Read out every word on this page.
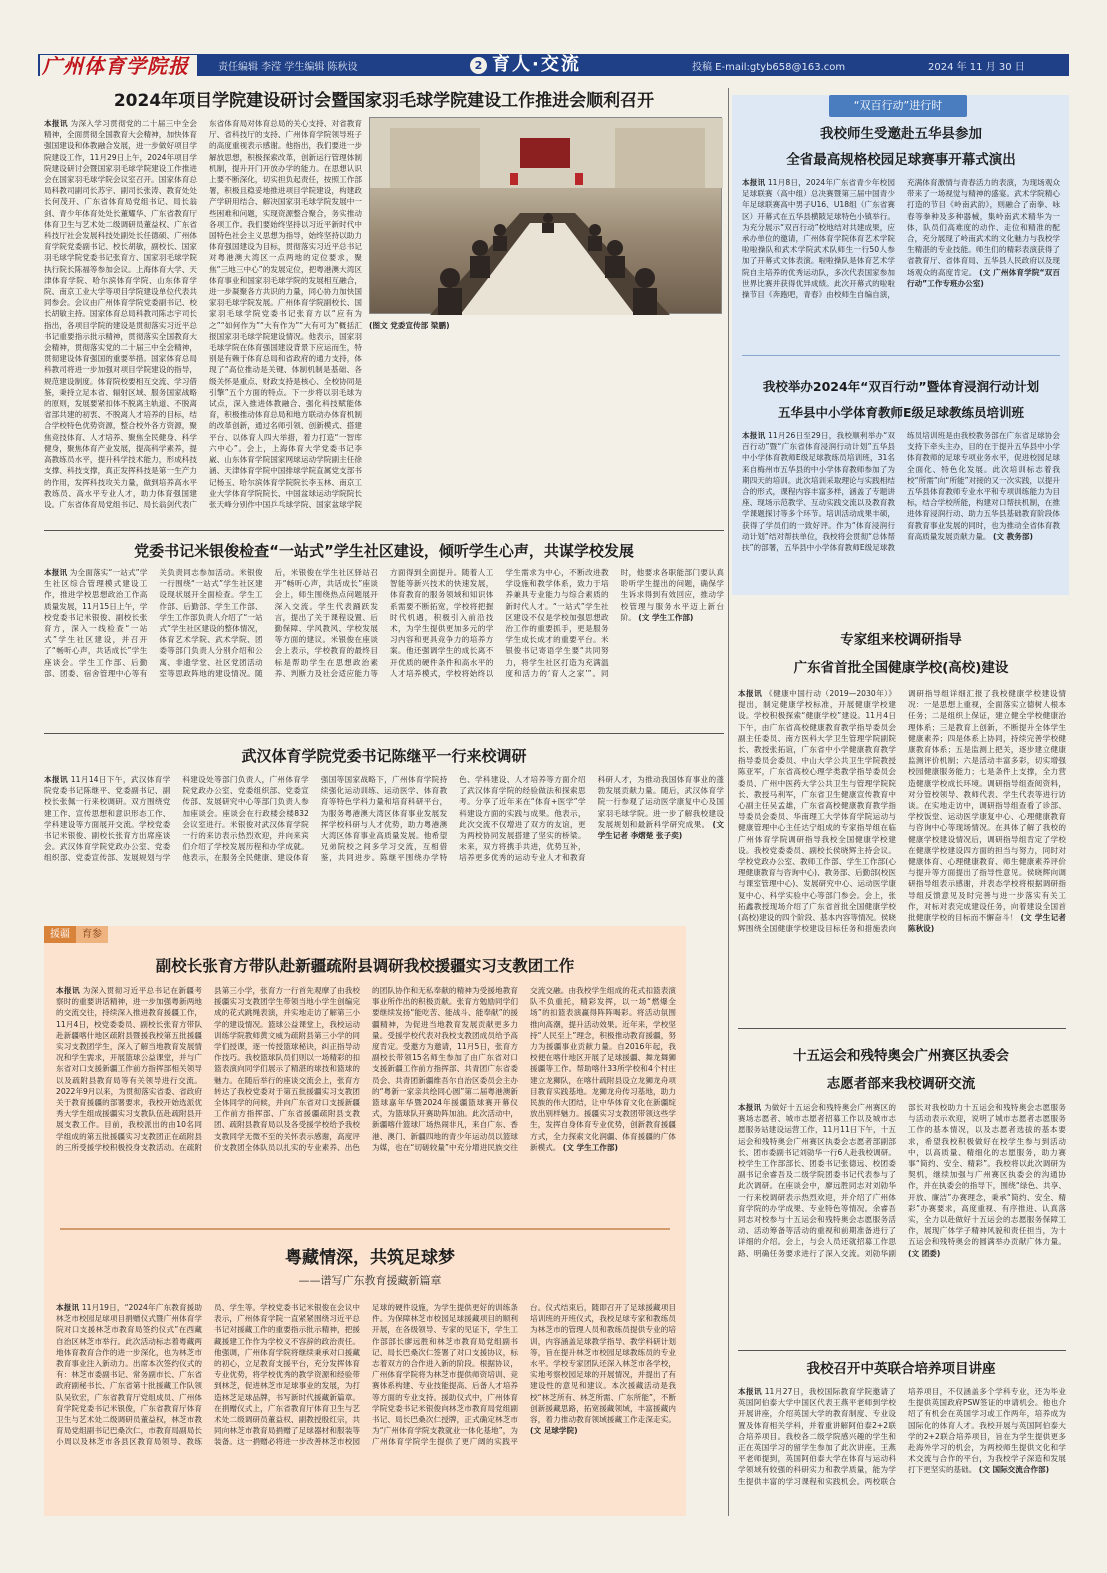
广州体育学院报	责任编辑 李滢 学生编辑 陈秋设	2 育人·交流	投稿 E-mail:gtyb658@163.com	2024 年 11 月 30 日
2024年项目学院建设研讨会暨国家羽毛球学院建设工作推进会顺利召开
本报讯 为深入学习贯彻党的二十届三中全会精神，全面贯彻全国教育大会精神，加快体育强国建设和体教融合发展，进一步做好项目学院建设工作，11月29日上午，2024年项目学院建设研讨会暨国家羽毛球学院建设工作推进会在国家羽毛球学院会议室召开。国家体育总局科教司副司长苏宇、副司长张涛、教育处处长何茂开、广东省体育局党组书记、局长翁剑、青少年体育处处长董耀华、广东省教育厅体育卫生与艺术处二级调研员董益权、广东省科技厅社会发展科技处副处长任德硕、广州体育学院党委副书记、校长胡敏，副校长、国家羽毛球学院党委书记张育方、国家羽毛球学院执行院长陈福等参加会议。上海体育大学、天津体育学院、哈尔滨体育学院、山东体育学院、南京工业大学等项目学院建设单位代表共同参会。会议由广州体育学院党委副书记、校长胡敏主持。国家体育总局科教司陈志宇司长指出，各项目学院的建设是贯彻落实习近平总书记重要指示批示精神，贯彻落实全国教育大会精神，贯彻落实党的二十届三中全会精神，贯彻建设体育强国的重要举措。国家体育总局科教司将进一步加强对项目学院建设的指导，规范建设制度。体育院校要相互交流、学习借鉴，秉持立足本省、辐射区域、服务国家战略的原则，发展要紧扣体不脱离主轨道、不脱离省部共建的初衷、不脱离人才培养的目标，结合学校特色优势资源，整合校外各方资源，聚焦竞技体育、人才培养、聚焦全民健身、科学健身，聚焦体育产业发展，提高科学素养，提高教练员水平，提升科学技术能力，形成科技支撑、科技支撑，真正发挥科技是第一生产力的作用，发挥科技攻关力量，做到培养高水平教练员、高水平专业人才，助力体育强国建设。广东省体育局党组书记、局长翁剑代表广东省体育局对体育总局的关心支持、对省教育厅、省科技厅的支持、广州体育学院领导班子的高度重视表示感谢。他指出，我们要进一步解放思想，积极探索改革，创新运行管理体制机制，提升开门开放办学的能力。在思想认识上要不断深化，切实担负起责任，按照工作部署，积极且稳妥地推进项目学院建设，构建政产学研用结合、解决国家羽毛球学院发展中一些困难和问题，实现资源整合聚合，务实推动各项工作。我们要始终坚持以习近平新时代中国特色社会主义思想为指导，始终坚持以助力体育强国建设为目标，贯彻落实习近平总书记对粤港澳大湾区一点两地的定位要求，聚焦“三地三中心”的发展定位，把粤港澳大湾区体育事业和国家羽毛球学院的发展相互融合，进一步凝聚各方共识的力量，同心协力加快国家羽毛球学院发展。广州体育学院副校长、国家羽毛球学院党委书记张育方以“应有为之”“如何作为”“大有作为”“大有可为”概括汇报国家羽毛球学院建设情况。他表示，国家羽毛球学院在体育强国建设背景下应运而生，特别是有赖于体育总局和省政府的通力支持，体现了“高位推动是关键、体制机制是基础、各级关怀是重点、财政支持是核心、全校协同是引擎”五个方面的特点。下一步将以羽毛球为试点，深入推进体教融合、强化科技赋能体育，积极推动体育总局和地方联动办体育机制的改革创新，通过名师引领、创新模式、搭建平台、以体育人四大举措，着力打造“一智库六中心”。会上，上海体育大学党委书记李崴、山东体育学院国家网球运动学院副主任徐涵、天津体育学院中国排球学院直属党支部书记杨玉、哈尔滨体育学院院长李玉林、南京工业大学体育学院院长、中国盆球运动学院院长张天峰分别作中国乒乓球学院、国家盆球学院
(图文 党委宣传部 梁鹏)
党委书记米银俊检查“一站式”学生社区建设，倾听学生心声，共谋学校发展
本报讯 为全面落实“一站式”学生社区综合管理模式建设工作，推进学校思想政治工作高质量发展，11月15日上午，学校党委书记米银俊、副校长张育方，深入一线检查“一站式”学生社区建设，并召开了“畅听心声，共话成长”学生座谈会。学生工作部、后勤部、团委、宿舍管理中心等有关负责同志参加活动。米银俊一行围绕“一站式”学生社区建设现状展开全面检查。学生工作部、后勤部、学生工作部、学生工作部负责人介绍了“一站式”学生社区建设的整体情况，体育艺术学院、武术学院、团委等部门负责人分别介绍和公寓、非遗学堂、社区党团活动室等思政阵地的建设情况。随后，米银俊在学生社区驿站召开“畅听心声，共话成长”座谈会上，师生围绕热点问题展开深入交流。学生代表踊跃发言，提出了关于课程设置、后勤保障、学风教风、学校发展等方面的建议。米银俊在座谈会上表示，学校教育的最终目标是帮助学生在思想政治素养、判断力及社会适应能力等方面得到全面提升。随着人工智能等新兴技术的快速发展，体育教育的服务领域和知识体系需要不断拓宽，学校将把握时代机遇，积极引入前沿技术，为学生提供更加多元的学习内容和更具竞争力的培养方案。他还强调学生的成长离不开优质的硬件条件和高水平的人才培养模式，学校将始终以学生需求为中心，不断改进教学设施和教学体系，致力于培养兼具专业能力与综合素质的新时代人才。“一站式”学生社区建设不仅是学校加强思想政治工作的重要抓手，更是服务学生成长成才的重要平台。米银俊书记寄语学生要“共同努力，将学生社区打造为充满温度和活力的‘育人之家’”。同时，他要求各职能部门要认真聆听学生提出的问题，确保学生诉求得到有效回应，推动学校管理与服务水平迈上新台阶。 (文 学生工作部)
武汉体育学院党委书记陈继平一行来校调研
本报讯 11月14日下午，武汉体育学院党委书记陈继平、党委副书记、副校长张佩一行来校调研。双方围绕党建工作、宣传思想和意识形态工作、学科建设等方面展开交流。学校党委书记米银俊、副校长张育方出席座谈会。武汉体育学院党政办公室、党委组织部、党委宣传部、发展规划与学科建设处等部门负责人，广州体育学院党政办公室、党委组织部、党委宣传部、发展研究中心等部门负责人参加座谈会。座谈会在行政楼会楼832会议室进行。米银俊对武汉体育学院一行的来访表示热烈欢迎，并向来宾们介绍了学校发展历程和办学成就。他表示，在服务全民健康、建设体育强国等国家战略下，广州体育学院持续强化运动训练、运动医学、体育教育等特色学科力量和培育科研平台，为服务粤港澳大湾区体育事业发展发挥学校科研与人才优势，助力粤港澳大湾区体育事业高质量发展。他希望兄弟院校之间多学习交流，互相借鉴，共同进步。陈继平围绕办学特色、学科建设、人才培养等方面介绍了武汉体育学院的经验做法和探索思考。分享了近年来在“体育+医学”学科建设方面的实践与成果。他表示，此次交流不仅增进了双方的友谊，更为两校协同发展搭建了坚实的桥梁。未来，双方将携手共进，优势互补，培养更多优秀的运动专业人才和教育科研人才，为推动我国体育事业的蓬勃发展贡献力量。随后，武汉体育学院一行参观了运动医学康复中心及国家羽毛球学院。进一步了解我校建设发展规划和最新科学研究成果。 (文 学生记者 李熠楚 张子奕)
援疆	育参
副校长张育方带队赴新疆疏附县调研我校援疆实习支教团工作
本报讯 为深入贯彻习近平总书记在新疆考察时的重要讲话精神，进一步加强粤新两地的交流交往，持续深入推进教育援疆工作，11月4日，校党委委员、副校长张育方带队赴新疆喀什地区疏附县暨援我校第五批援疆实习支教团学生，深入了解当地教育发展情况和学生需求，开展篮球公益课堂，并与广东省对口支援新疆工作前方指挥部相关领导以及疏附县教育局等有关领导进行交流。2022年9月以来，为贯彻落实省委、省政府关于教育援疆的部署要求，我校开始选派优秀大学生组成援疆实习支教队伍赴疏附县开展支教工作。目前，我校派出的由10名同学组成的第五批援疆实习支教团正在疏附县的三所受援学校积极投身支教活动。在疏附县第三小学，张育方一行首先观摩了由我校援疆实习支教团学生带领当地小学生创编完成的花式跳绳表演，并实地走访了解第三小学的建设情况。篮球公益课堂上，我校运动训练学院教师黄文威为疏附县第三小学的同学们授课，逐一传授篮球秘诀，纠正指导动作技巧。我校篮球队员们则以一场精彩的扣篮表演向同学们展示了精湛的球技和篮球的魅力。在随后举行的座谈交流会上，张育方转达了我校党委对于第五批援疆实习支教团全体同学的问候，并向广东省对口支援新疆工作前方指挥部、广东省援疆疏附县支教团、疏附县教育局以及各受援学校给予我校支教同学无微不至的关怀表示感谢，高度评价支教团全体队员以扎实的专业素养、出色的团队协作和无私奉献的精神为受援地教育事业所作出的积极贡献。张育方勉励同学们要继续发扬“能吃苦、能战斗、能奉献”的援疆精神，为促进当地教育发展贡献更多力量。受援学校代表对我校支教团成员给予高度肯定。受邀方为邀请，11月5日，张育方副校长带领15名师生参加了由广东省对口支援新疆工作前方指挥部、共青团广东省委员会、共青团新疆维吾尔自治区委员会主办的“粤新一家亲共绘同心圆”第二届粤港澳新篮球嘉年华暨2024年援疆篮球赛开幕仪式，为篮球队开赛助阵加油。此次活动中，新疆喀什篮球厂场热闹非凡，来自广东、香港、澳门、新疆四地的青少年运动员以篮球为媒，也在“切磋较量”中充分增进民族交往交流交融。由我校学生组成的花式扣篮表演队不负重托，精彩发挥，以一场“燃爆全场”的扣篮表演赢得阵阵喝彩。将活动氛围推向高潮，提升活动效果。近年来，学校坚持“人民至上”理念，积极推动教育援疆，努力为援疆事业贡献力量。自2016年起，我校便在喀什地区开展了足球援疆、舞龙舞狮援疆等工作。帮助喀什33所学校和4个村庄建立龙狮队，在喀什疏附县设立龙狮龙舟项目教育实践基地。龙狮龙舟传习基地，助力民族的伟大团结，让中华体育文化在新疆绽放出别样魅力。援疆实习支教团带领这些学生，发挥自身体育专业优势，创新教育援疆方式，全力探索文化润疆、体育援疆的广体新模式。 (文 学生工作部)
粤藏情深，共筑足球梦
——谱写广东教育援藏新篇章
本报讯 11月19日，“2024年广东教育援助林芝市校园足球项目捐赠仪式暨广州体育学院对口支援林芝市教育局签约仪式”在西藏自治区林芝市举行。此次活动标志着粤藏两地体育教育合作的进一步深化，也为林芝市教育事业注入新动力。出席本次签约仪式的有：林芝市委副书记、常务副市长、广东省政府副秘书长、广东省第十批援藏工作队领队吴钦宏，广东省教育厅党组成员、广州体育学院党委书记米银俊，广东省教育厅体育卫生与艺术处二级调研员董益权，林芝市教育局党组副书记巴桑次仁，市教育局副局长小周以及林芝市各县区教育局领导、教练员、学生等。学校党委书记米银俊在会议中表示，广州体育学院一直紧紧围绕习近平总书记对援藏工作的重要指示批示精神，把援藏援建工作作为学校义不容辞的政治责任。他强调，广州体育学院将继续秉承对口援藏的初心，立足教育支援平台，充分发挥体育专业优势，将学校优秀的教学资源和经验带到林芝，促进林芝市足球事业的发展，为打造林芝足球品牌，书写新时代援藏新篇章。在捐赠仪式上，广东省教育厅体育卫生与艺术处二级调研员董益权、副教授殷红宗，共同向林芝市教育局捐赠了足球器材和服装等装备。这一捐赠必将进一步改善林芝市校园足球的硬件设施，为学生提供更好的训练条件。为保障林芝市校园足球援藏项目的顺利开展，在各级领导、专家的见证下，学生工作部部长廖远胜和林芝市教育局党组副书记、局长巴桑次仁签署了对口支援协议，标志着双方的合作进入新的阶段。根据协议，广州体育学院将为林芝市提供师资培训、竞赛体系构建、专业技能提高、后备人才培养等方面的专业支持。援助仪式中，广州体育学院党委书记米银俊向林芝市教育局党组副书记、局长巴桑次仁授牌，正式确定林芝市为“广州体育学院支教就业一体化基地”，为广州体育学院学生提供了更广阔的实践平台。仪式结束后，随即召开了足球援藏项目培训班的开班仪式，我校足球专家和教练员为林芝市的管理人员和教练员提供专业的培训，内容涵盖足球教学指导、教学科研计划等，旨在提升林芝市校园足球教练员的专业水平。学校专家团队还深入林芝市各学校，实地考察校园足球的开展情况，并提出了有建设性的意见和建议。本次援藏活动是我校“林芝所有、林芝所需、广东所能”，不断创新援藏思路，拓宽援藏领域，丰富援藏内容，着力推动教育领域援藏工作走深走实。 (文 足球学院)
“双百行动”进行时
我校师生受邀赴五华县参加
全省最高规格校园足球赛事开幕式演出
本报讯 11月8日，2024年广东省青少年校园足球联赛（高中组）总决赛暨第三届中国青少年足球联赛高中男子U16、U18组（广东省赛区）开幕式在五华县横陂足球特色小镇举行。为充分展示“双百行动”校地结对共建成果，应承办单位的邀请，广州体育学院体育艺术学院啦啦操队和武术学院武术队师生一行50人参加了开幕式文体表演。啦啦操队是体育艺术学院自主培养的优秀运动队，多次代表国家参加世界比赛并获得优异成绩。此次开幕式的啦啦操节目《奔跑吧，青春》由校师生自编自演，充满体育激情与青春活力的表演，为现场观众带来了一场视觉与精神的盛宴。武术学院精心打造的节目《岭南武韵》，则融合了南拳、咏春等拳种及多种器械，集岭南武术精华为一体，队员们高难度的动作、走位和精准的配合，充分展现了岭南武术的文化魅力与我校学生精湛的专业技能。师生们的精彩表演获得了省教育厅、省体育局、五华县人民政府以及现场观众的高度肯定。 (文 广州体育学院“双百行动”工作专班办公室)
我校举办2024年“双百行动”暨体育浸润行动计划
五华县中小学体育教师E级足球教练员培训班
本报讯 11月26日至29日，我校顺利举办“双百行动”暨“广东省体育浸润行动计划”五华县中小学体育教师E级足球教练员培训班，31名来自梅州市五华县的中小学体育教师参加了为期四天的培训。此次培训采取理论与实践相结合的形式，课程内容丰富多样，涵盖了专题讲座、现场示范教学、互动实践交流以及教育教学课题探讨等多个环节。培训活动成果丰硕，获得了学员们的一致好评。作为“体育浸润行动计划”结对帮扶单位，我校将会贯彻“总体帮扶”的部署，五华县中小学体育教师E级足球教练员培训班是由我校教务部在广东省足球协会支持下牵头主办，目的在于提升五华县中小学体育教师的足球专项业务水平，促进校园足球全面化、特色化发展。此次培训标志着我校“所需”向“所能”对接的又一次实践，以提升五华县体育教师专业水平和专项训练能力为目标，结合学校所能，构建对口帮扶机制，在推进体育浸润行动、助力五华县基础教育阶段体育教育事业发展的同时，也为推动全省体育教育高质量发展贡献力量。 (文 教务部)
专家组来校调研指导
广东省首批全国健康学校(高校)建设
本报讯 《健康中国行动（2019—2030年）》提出，制定健康学校标准，开展健康学校建设。学校积极探索“健康学校”建设。11月4日下午，由广东省高校健康教育教学指导委员会副主任委员、南方医科大学卫生管理学院副院长、教授张拓谊，广东省中小学健康教育教学指导委员会委员、中山大学公共卫生学院教授陈亚军，广东省高校心理学类教学指导委员会委员、广州中医药大学公共卫生与管理学院院长、教授马利军，广东省卫生健康宣传教育中心副主任吴孟雄，广东省高校健康教育教学指导委员会委员、华南理工大学体育学院运动与健康管理中心主任达宁组成的专家指导组在临广州体育学院调研指导我校全国健康学校建设。我校党委委员、副校长侯晓辉主持会议。学校党政办公室、教师工作部、学生工作部(心理健康教育与咨询中心)、教务部、后勤部(校医与课室管理中心)、发展研究中心、运动医学康复中心、科学实验中心等部门参会。会上，张拓鑫教授现场介绍了广东省首批全国健康学校(高校)建设的四个阶段、基本内容等情况。侯晓辉围绕全国健康学校建设目标任务和措施表向调研指导组详细汇报了我校健康学校建设情况：一是思想上重视，全面落实立德树人根本任务；二是组织上保证，建立健全学校健康治理体系；三是教育上创新，不断提升全体学生健康素养；四是体系上协同，持续完善学校健康教育体系；五是监测上把关，逐步建立健康监测评价机制；六是活动丰富多彩，切实增强校园健康服务能力；七是条件上支撑，全力营造健康学校成长环境。调研指导组查阅资料，对分管校领导、教师代表、学生代表等进行访谈。在实地走访中，调研指导组查看了诊部、学校饭堂、运动医学康复中心、心理健康教育与咨询中心等现场情况。在具体了解了我校的健康学校建设情况后，调研指导组肯定了学校在健康学校建设四方面的担当与努力，同时对健康体育、心理健康教育、师生健康素养评价与提升等方面提出了指导性意见。侯晓辉向调研指导组表示感谢，并表态学校将根据调研指导组反馈意见及时完善与进一步落实有关工作，对标对表完成建设任务，向着建设全国首批健康学校的目标而不懈奋斗！ (文 学生记者 陈秋设)
十五运会和残特奥会广州赛区执委会
志愿者部来我校调研交流
本报讯 为做好十五运会和残特奥会广州赛区的赛场志愿者、城市志愿者招募工作以及城市志愿服务站建设运营工作，11月11日下午，十五运会和残特奥会广州赛区执委会志愿者部副部长、团市委副书记刘勍华一行6人赴我校调研。校学生工作部部长、团委书记张德远、校团委副书记余睿吾及二级学院团委书记代表参与了此次调研。在座谈会中，廖远胜同志对刘勍华一行来校调研表示热烈欢迎，并介绍了广州体育学院的办学成果、专业特色等情况。余睿吾同志对校参与十五运会和残特奥会志愿服务活动、活动筹备等活动的重视和前期准备进行了详细的介绍。会上，与会人员还就招募工作思路、明确任务要求进行了深入交流。刘勍华副部长对我校助力十五运会和残特奥会志愿服务与活动表示欢迎，说明了城市志愿者志愿服务工作的基本情况，以及志愿者选拔的基本要求，希望我校积极做好在校学生参与到活动中，以高质量、精细化的志愿服务，助力赛事“简约、安全、精彩”。我校将以此次调研为契机，继续加强与广州赛区执委会的沟通协作，并在执委会的指导下，围绕“绿色、共享、开放、廉洁”办赛理念，秉承“简约、安全、精彩”办赛要求，高度重视、有序推进、认真落实，全力以赴做好十五运会的志愿服务保障工作，展现广体学子精神风貌和责任担当，为十五运会和残特奥会的圆满举办贡献广体力量。 (文 团委)
我校召开中英联合培养项目讲座
本报讯 11月27日，我校国际教育学院邀请了英国阿伯泰大学中国区代表王燕平老师到学校开展讲座，介绍英国大学的教育制度、专业设置及体育相关学科，并着重讲解阿伯泰2+2联合培养项目。我校各二级学院感兴趣的学生和正在英国学习的留学生参加了此次讲座。王燕平老师提到，英国阿伯泰大学在体育与运动科学领域有较强的科研实力和教学质量，能为学生提供丰富的学习课程和实践机会。两校联合培养项目，不仅涵盖多个学科专业，还为毕业生提供英国政府PSW签证的申请机会。他也介绍了有机会在英国学习或工作两年，培养成为国际化的体育人才。我校开展与英国阿伯泰大学的2+2联合培养项目，旨在为学生提供更多赴海外学习的机会，为两校师生提供文化和学术交流与合作的平台，为我校学子深造和发展打下更坚实的基础。 (文 国际交流合作部)
